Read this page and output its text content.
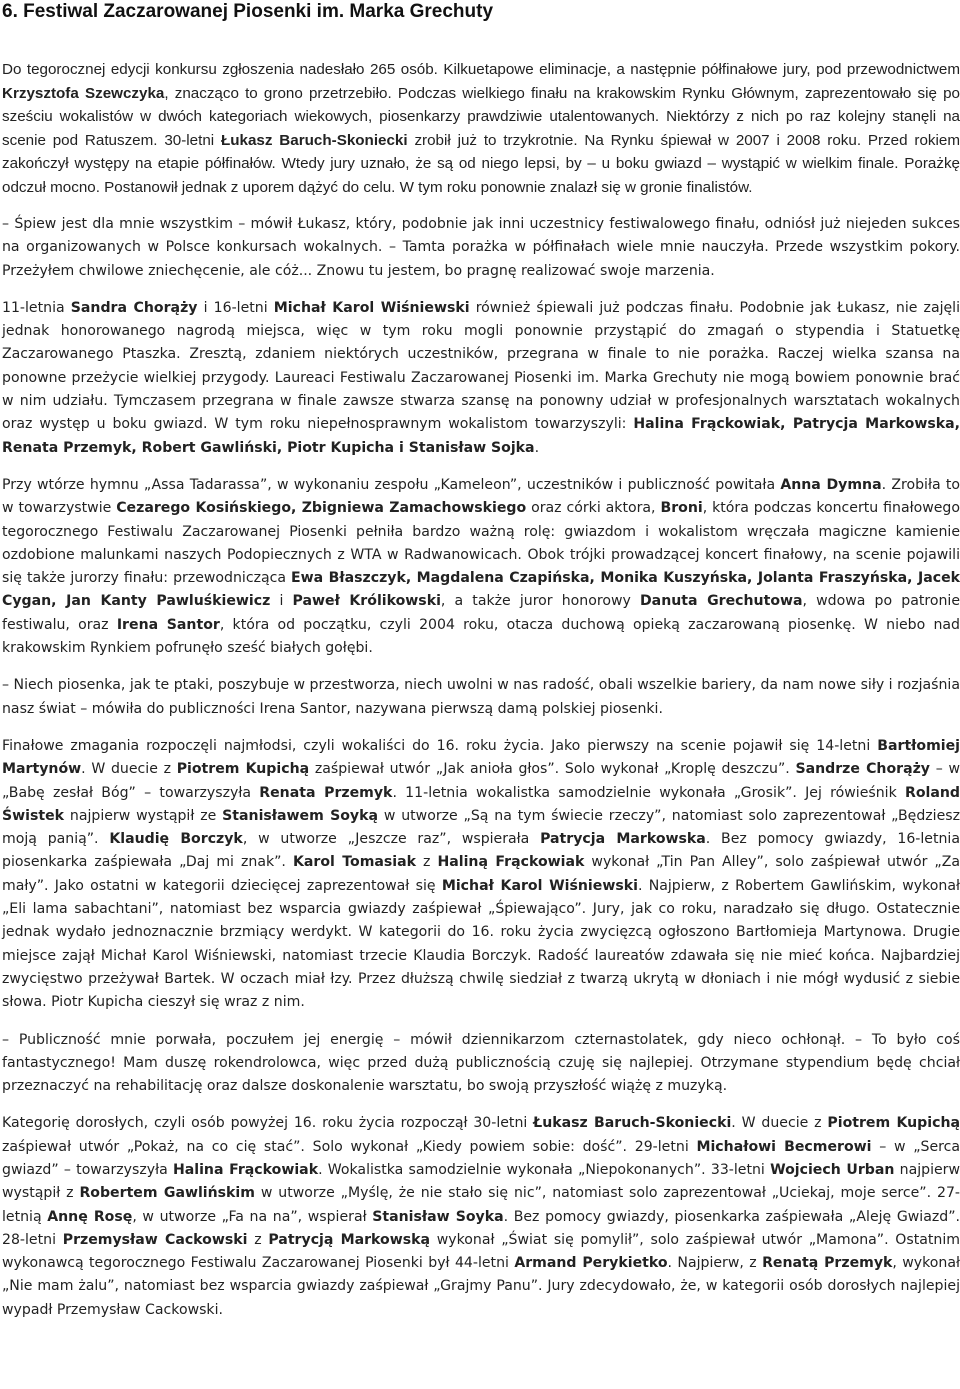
6. Festiwal Zaczarowanej Piosenki im. Marka Grechuty

Do tegorocznej edycji konkursu zgłoszenia nadesłało 265 osób. Kilkuetapowe eliminacje, a następnie półfinałowe jury, pod przewodnictwem Krzysztofa Szewczyka, znacząco to grono przetrzebiło. Podczas wielkiego finału na krakowskim Rynku Głównym, zaprezentowało się po sześciu wokalistów w dwóch kategoriach wiekowych, piosenkarzy prawdziwie utalentowanych. Niektórzy z nich po raz kolejny stanęli na scenie pod Ratuszem. 30-letni Łukasz Baruch-Skoniecki zrobił już to trzykrotnie. Na Rynku śpiewał w 2007 i 2008 roku. Przed rokiem zakończył występy na etapie półfinałów. Wtedy jury uznało, że są od niego lepsi, by – u boku gwiazd – wystąpić w wielkim finale. Porażkę odczuł mocno. Postanowił jednak z uporem dążyć do celu. W tym roku ponownie znalazł się w gronie finalistów.

– Śpiew jest dla mnie wszystkim – mówił Łukasz, który, podobnie jak inni uczestnicy festiwalowego finału, odniósł już niejeden sukces na organizowanych w Polsce konkursach wokalnych. – Tamta porażka w półfinałach wiele mnie nauczyła. Przede wszystkim pokory. Przeżyłem chwilowe zniechęcenie, ale cóż... Znowu tu jestem, bo pragnę realizować swoje marzenia.

11-letnia Sandra Chorąży i 16-letni Michał Karol Wiśniewski również śpiewali już podczas finału. Podobnie jak Łukasz, nie zajęli jednak honorowanego nagrodą miejsca, więc w tym roku mogli ponownie przystąpić do zmagań o stypendia i Statuetkę Zaczarowanego Ptaszka. Zresztą, zdaniem niektórych uczestników, przegrana w finale to nie porażka. Raczej wielka szansa na ponowne przeżycie wielkiej przygody. Laureaci Festiwalu Zaczarowanej Piosenki im. Marka Grechuty nie mogą bowiem ponownie brać w nim udziału. Tymczasem przegrana w finale zawsze stwarza szansę na ponowny udział w profesjonalnych warsztatach wokalnych oraz występ u boku gwiazd. W tym roku niepełnosprawnym wokalistom towarzyszyli: Halina Frąckowiak, Patrycja Markowska, Renata Przemyk, Robert Gawliński, Piotr Kupicha i Stanisław Sojka.

Przy wtórze hymnu „Assa Tadarassa”, w wykonaniu zespołu „Kameleon”, uczestników i publiczność powitała Anna Dymna. Zrobiła to w towarzystwie Cezarego Kosińskiego, Zbigniewa Zamachowskiego oraz córki aktora, Broni, która podczas koncertu finałowego tegorocznego Festiwalu Zaczarowanej Piosenki pełniła bardzo ważną rolę: gwiazdom i wokalistom wręczała magiczne kamienie ozdobione malunkami naszych Podopiecznych z WTA w Radwanowicach. Obok trójki prowadzącej koncert finałowy, na scenie pojawili się także jurorzy finału: przewodnicząca Ewa Błaszczyk, Magdalena Czapińska, Monika Kuszyńska, Jolanta Fraszyńska, Jacek Cygan, Jan Kanty Pawluśkiewicz i Paweł Królikowski, a także juror honorowy Danuta Grechutowa, wdowa po patronie festiwalu, oraz Irena Santor, która od początku, czyli 2004 roku, otacza duchową opieką zaczarowaną piosenkę. W niebo nad krakowskim Rynkiem pofrunęło sześć białych gołębi.

– Niech piosenka, jak te ptaki, poszybuje w przestworza, niech uwolni w nas radość, obali wszelkie bariery, da nam nowe siły i rozjaśnia nasz świat – mówiła do publiczności Irena Santor, nazywana pierwszą damą polskiej piosenki.

Finałowe zmagania rozpoczęli najmłodsi, czyli wokaliści do 16. roku życia. Jako pierwszy na scenie pojawił się 14-letni Bartłomiej Martynów. W duecie z Piotrem Kupichą zaśpiewał utwór „Jak anioła głos”. Solo wykonał „Kroplę deszczu”. Sandrze Chorąży – w „Babę zesłał Bóg” – towarzyszyła Renata Przemyk. 11-letnia wokalistka samodzielnie wykonała „Grosik”. Jej rówieśnik Roland Świstek najpierw wystąpił ze Stanisławem Soyką w utworze „Są na tym świecie rzeczy”, natomiast solo zaprezentował „Będziesz moją panią”. Klaudię Borczyk, w utworze „Jeszcze raz”, wspierała Patrycja Markowska. Bez pomocy gwiazdy, 16-letnia piosenkarka zaśpiewała „Daj mi znak”. Karol Tomasiak z Haliną Frąckowiak wykonał „Tin Pan Alley”, solo zaśpiewał utwór „Za mały”. Jako ostatni w kategorii dziecięcej zaprezentował się Michał Karol Wiśniewski. Najpierw, z Robertem Gawlińskim, wykonał „Eli lama sabachtani”, natomiast bez wsparcia gwiazdy zaśpiewał „Śpiewająco”. Jury, jak co roku, naradzało się długo. Ostatecznie jednak wydało jednoznacznie brzmiący werdykt. W kategorii do 16. roku życia zwycięzcą ogłoszono Bartłomieja Martynowa. Drugie miejsce zajął Michał Karol Wiśniewski, natomiast trzecie Klaudia Borczyk. Radość laureatów zdawała się nie mieć końca. Najbardziej zwycięstwo przeżywał Bartek. W oczach miał łzy. Przez dłuższą chwilę siedział z twarzą ukrytą w dłoniach i nie mógł wydusić z siebie słowa. Piotr Kupicha cieszył się wraz z nim.

– Publiczność mnie porwała, poczułem jej energię – mówił dziennikarzom czternastolatek, gdy nieco ochłonął. – To było coś fantastycznego! Mam duszę rokendrolowca, więc przed dużą publicznością czuję się najlepiej. Otrzymane stypendium będę chciał przeznaczyć na rehabilitację oraz dalsze doskonalenie warsztatu, bo swoją przyszłość wiążę z muzyką.

Kategorię dorosłych, czyli osób powyżej 16. roku życia rozpoczął 30-letni Łukasz Baruch-Skoniecki. W duecie z Piotrem Kupichą zaśpiewał utwór „Pokaż, na co cię stać”. Solo wykonał „Kiedy powiem sobie: dość”. 29-letni Michałowi Becmerowi – w „Serca gwiazd” – towarzyszyła Halina Frąckowiak. Wokalistka samodzielnie wykonała „Niepokonanych”. 33-letni Wojciech Urban najpierw wystąpił z Robertem Gawlińskim w utworze „Myślę, że nie stało się nic”, natomiast solo zaprezentował „Uciekaj, moje serce”. 27-letnią Annę Rosę, w utworze „Fa na na”, wspierał Stanisław Soyka. Bez pomocy gwiazdy, piosenkarka zaśpiewała „Aleję Gwiazd”. 28-letni Przemysław Cackowski z Patrycją Markowską wykonał „Świat się pomylił”, solo zaśpiewał utwór „Mamona”. Ostatnim wykonawcą tegorocznego Festiwalu Zaczarowanej Piosenki był 44-letni Armand Perykietko. Najpierw, z Renatą Przemyk, wykonał „Nie mam żalu”, natomiast bez wsparcia gwiazdy zaśpiewał „Grajmy Panu”. Jury zdecydowało, że, w kategorii osób dorosłych najlepiej wypadł Przemysław Cackowski.
